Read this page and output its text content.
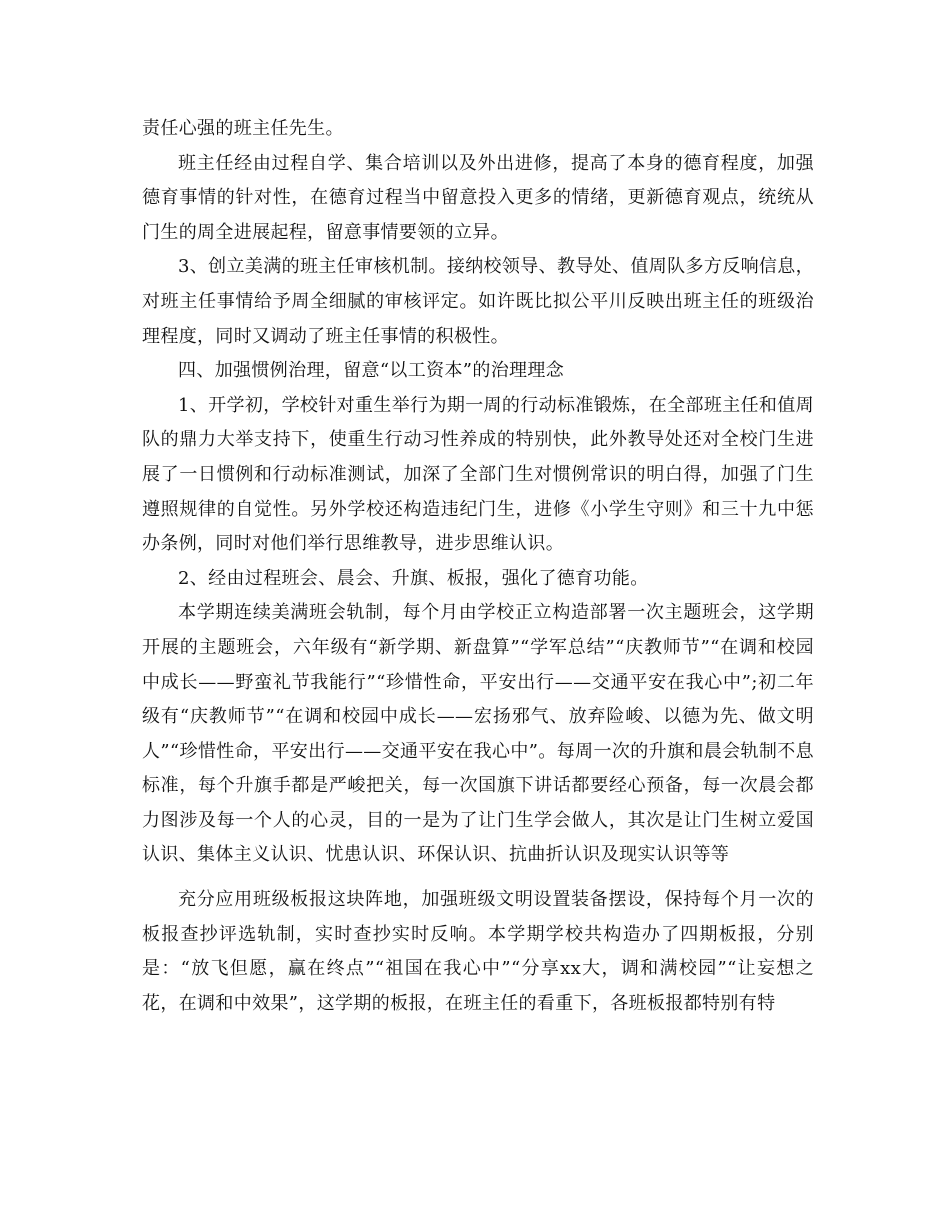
责任心强的班主任先生。

班主任经由过程自学、集合培训以及外出进修，提高了本身的德育程度，加强德育事情的针对性，在德育过程当中留意投入更多的情绪，更新德育观点，统统从门生的周全进展起程，留意事情要领的立异。

3、创立美满的班主任审核机制。接纳校领导、教导处、值周队多方反响信息，对班主任事情给予周全细腻的审核评定。如许既比拟公平川反映出班主任的班级治理程度，同时又调动了班主任事情的积极性。

四、加强惯例治理，留意“以工资本”的治理理念

1、开学初，学校针对重生举行为期一周的行动标准锻炼，在全部班主任和值周队的鼎力大举支持下，使重生行动习性养成的特别快，此外教导处还对全校门生进展了一日惯例和行动标准测试，加深了全部门生对惯例常识的明白得，加强了门生遵照规律的自觉性。另外学校还构造违纪门生，进修《小学生守则》和三十九中惩办条例，同时对他们举行思维教导，进步思维认识。

2、经由过程班会、晨会、升旗、板报，强化了德育功能。

本学期连续美满班会轨制，每个月由学校正立构造部署一次主题班会，这学期开展的主题班会，六年级有“新学期、新盘算”“学军总结”“庆教师节”“在调和校园中成长——野蛮礼节我能行”“珍惜性命，平安出行——交通平安在我心中”;初二年级有“庆教师节”“在调和校园中成长——宏扬邪气、放弃险峻、以德为先、做文明人”“珍惜性命，平安出行——交通平安在我心中”。每周一次的升旗和晨会轨制不息标准，每个升旗手都是严峻把关，每一次国旗下讲话都要经心预备，每一次晨会都力图涉及每一个人的心灵，目的一是为了让门生学会做人，其次是让门生树立爱国认识、集体主义认识、忧患认识、环保认识、抗曲折认识及现实认识等等

充分应用班级板报这块阵地，加强班级文明设置装备摆设，保持每个月一次的板报查抄评选轨制，实时查抄实时反响。本学期学校共构造办了四期板报，分别是：“放飞但愿，赢在终点”“祖国在我心中”“分享xx大，调和满校园”“让妄想之花，在调和中效果”，这学期的板报，在班主任的看重下，各班板报都特别有特
